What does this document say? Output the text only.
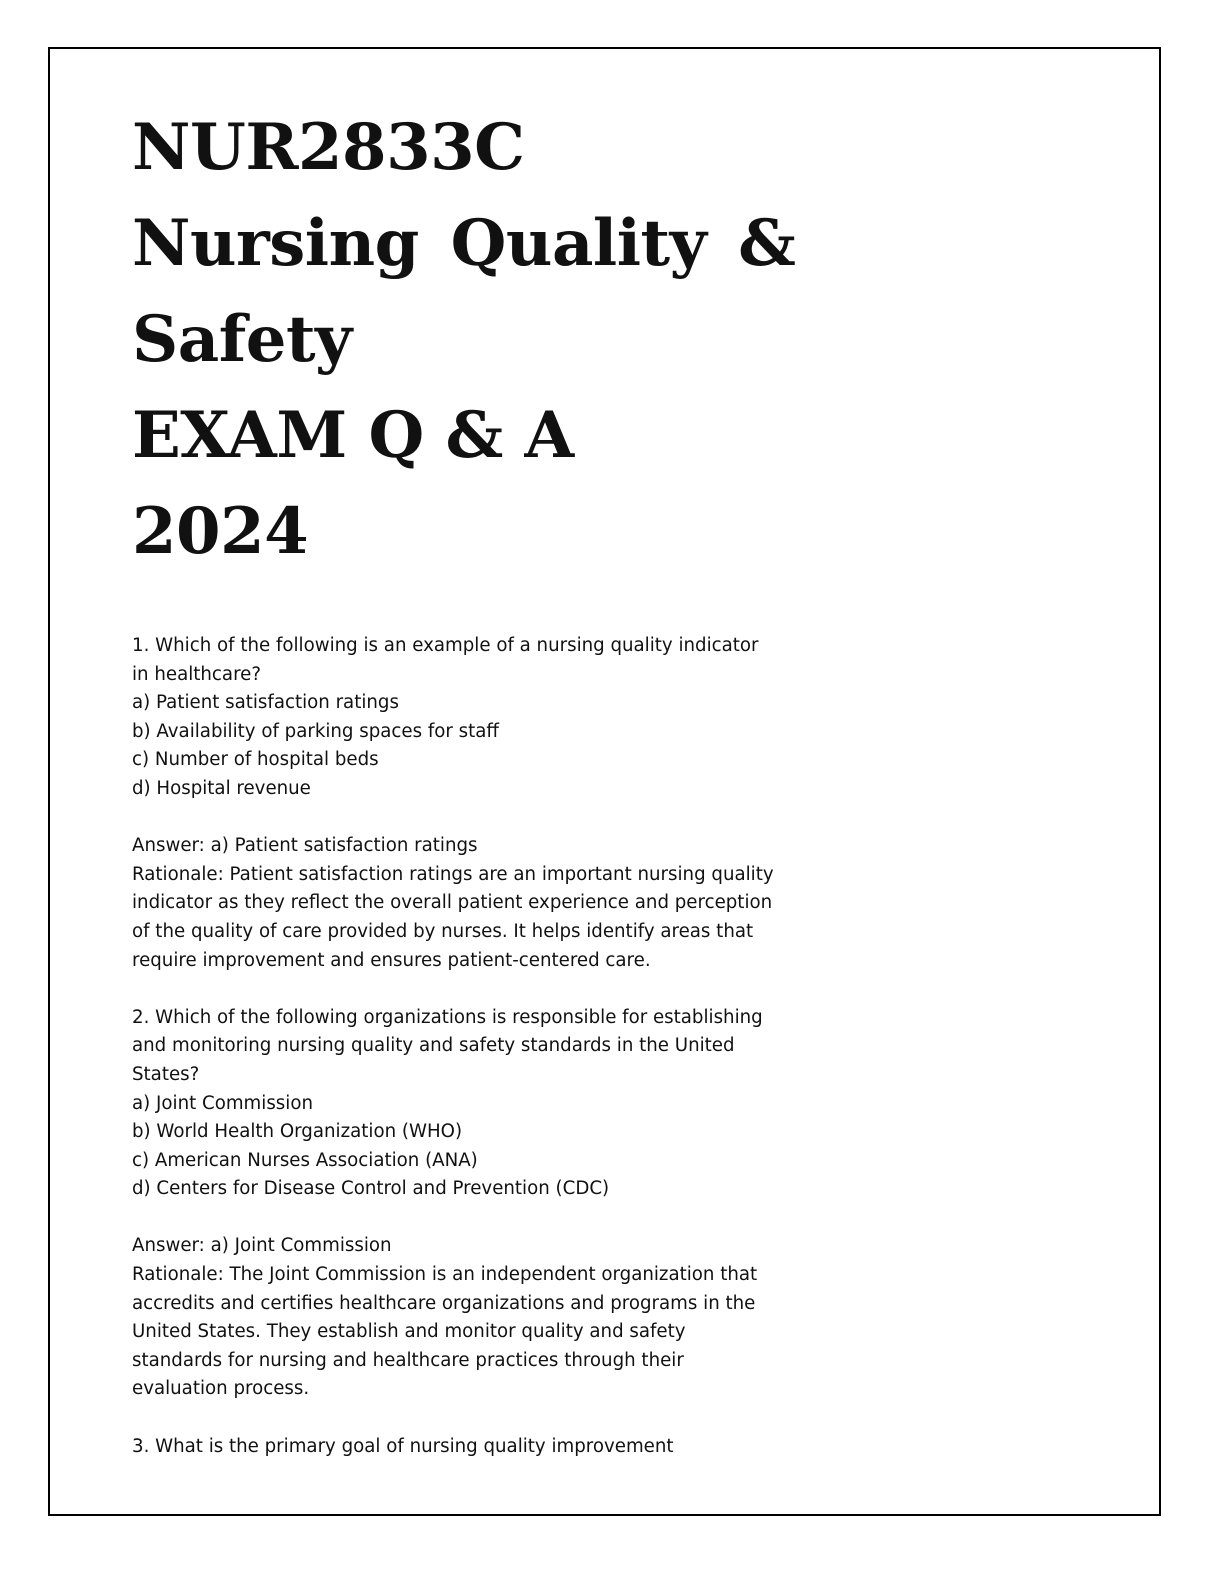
NUR2833C
Nursing Quality &
Safety
EXAM Q & A
2024
1. Which of the following is an example of a nursing quality indicator
in healthcare?
a) Patient satisfaction ratings
b) Availability of parking spaces for staff
c) Number of hospital beds
d) Hospital revenue
Answer: a) Patient satisfaction ratings
Rationale: Patient satisfaction ratings are an important nursing quality
indicator as they reflect the overall patient experience and perception
of the quality of care provided by nurses. It helps identify areas that
require improvement and ensures patient-centered care.
2. Which of the following organizations is responsible for establishing
and monitoring nursing quality and safety standards in the United
States?
a) Joint Commission
b) World Health Organization (WHO)
c) American Nurses Association (ANA)
d) Centers for Disease Control and Prevention (CDC)
Answer: a) Joint Commission
Rationale: The Joint Commission is an independent organization that
accredits and certifies healthcare organizations and programs in the
United States. They establish and monitor quality and safety
standards for nursing and healthcare practices through their
evaluation process.
3. What is the primary goal of nursing quality improvement
